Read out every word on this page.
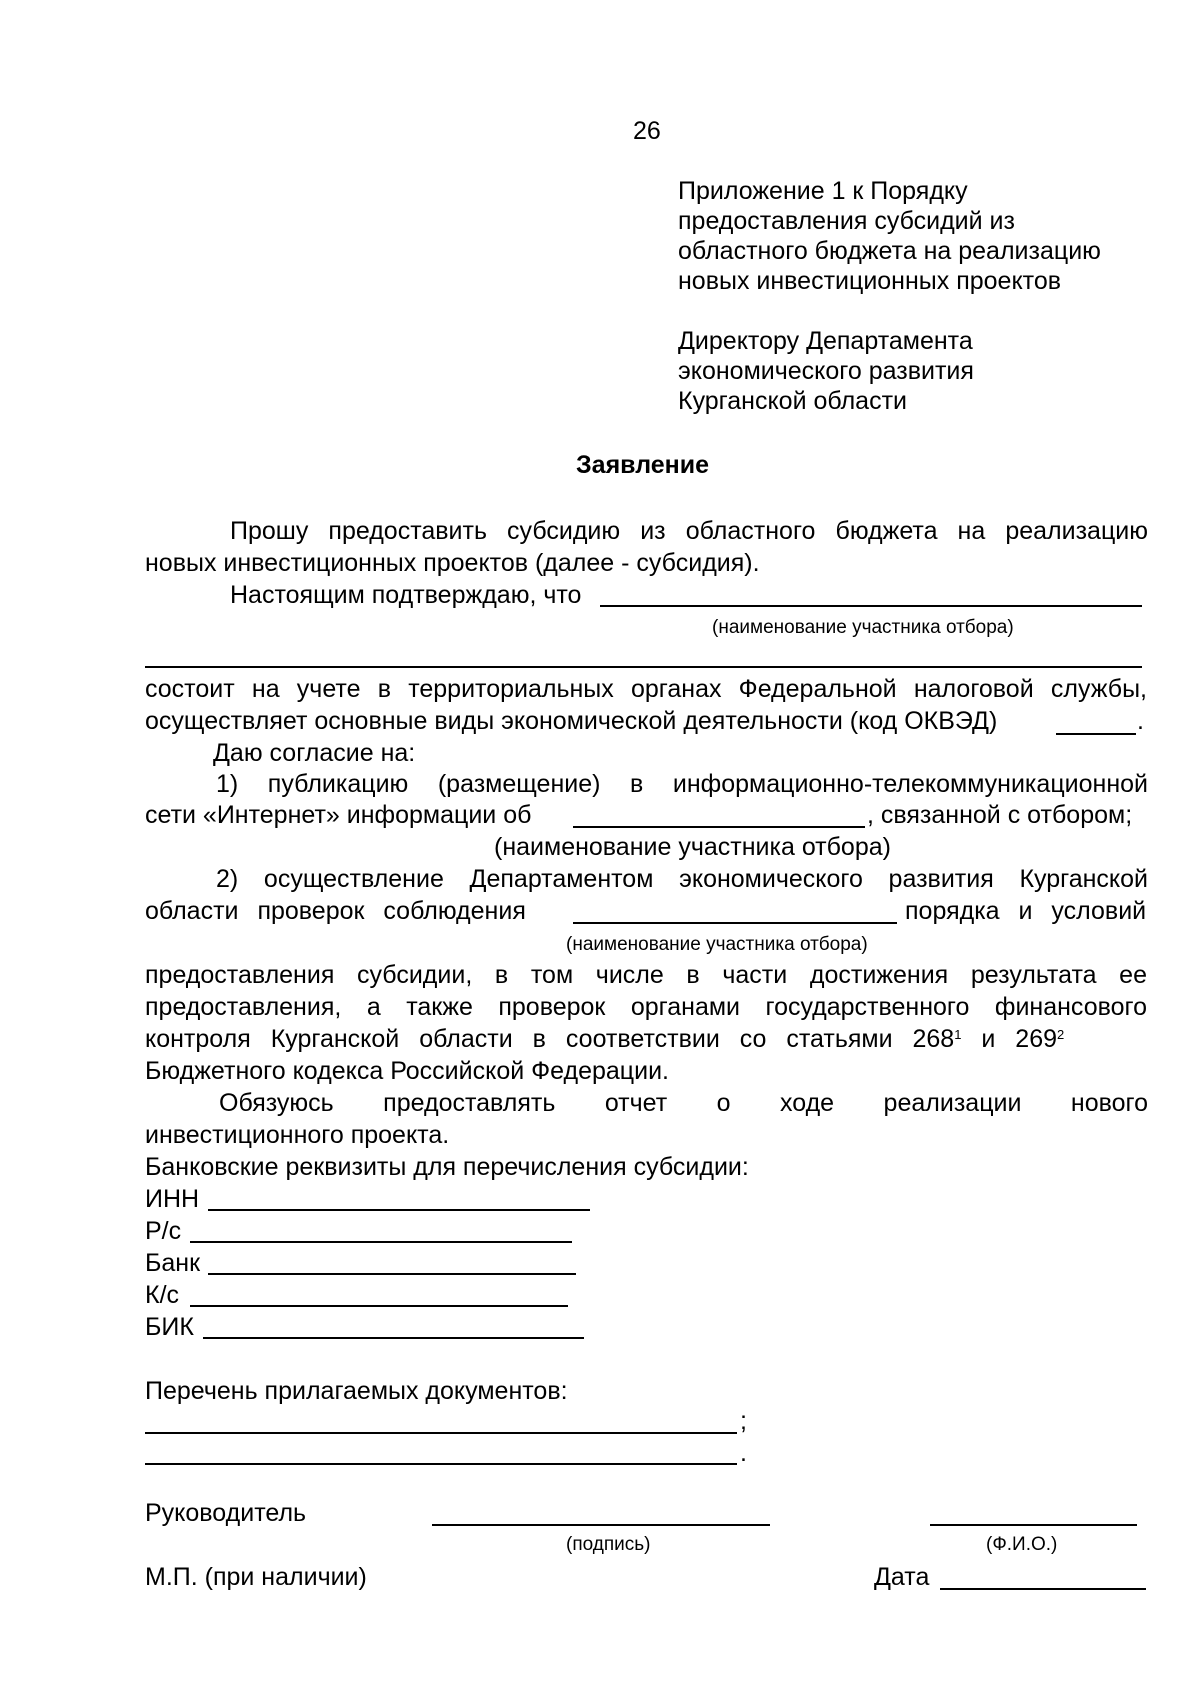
26
Приложение 1 к Порядку
предоставления субсидий из
областного бюджета на реализацию
новых инвестиционных проектов
Директору Департамента
экономического развития
Курганской области
Заявление
Прошу предоставить субсидию из областного бюджета на реализацию
новых инвестиционных проектов (далее - субсидия).
Настоящим подтверждаю, что
(наименование участника отбора)
состоит на учете в территориальных органах Федеральной налоговой службы,
осуществляет основные виды экономической деятельности (код ОКВЭД)	.
Даю согласие на:
1) публикацию (размещение) в информационно-телекоммуникационной
сети «Интернет» информации об	, связанной с отбором;
(наименование участника отбора)
2) осуществление Департаментом экономического развития Курганской
области проверок соблюдения	порядка и условий
(наименование участника отбора)
предоставления субсидии, в том числе в части достижения результата ее
предоставления, а также проверок органами государственного финансового
контроля Курганской области в соответствии со статьями $268^1$ и $269^2$
Бюджетного кодекса Российской Федерации.
Обязуюсь предоставлять отчет о ходе реализации нового
инвестиционного проекта.
Банковские реквизиты для перечисления субсидии:
ИНН
Р/с
Банк
К/с
БИК
Перечень прилагаемых документов:
;
.
Руководитель
(подпись)	(Ф.И.О.)
М.П. (при наличии)	Дата
